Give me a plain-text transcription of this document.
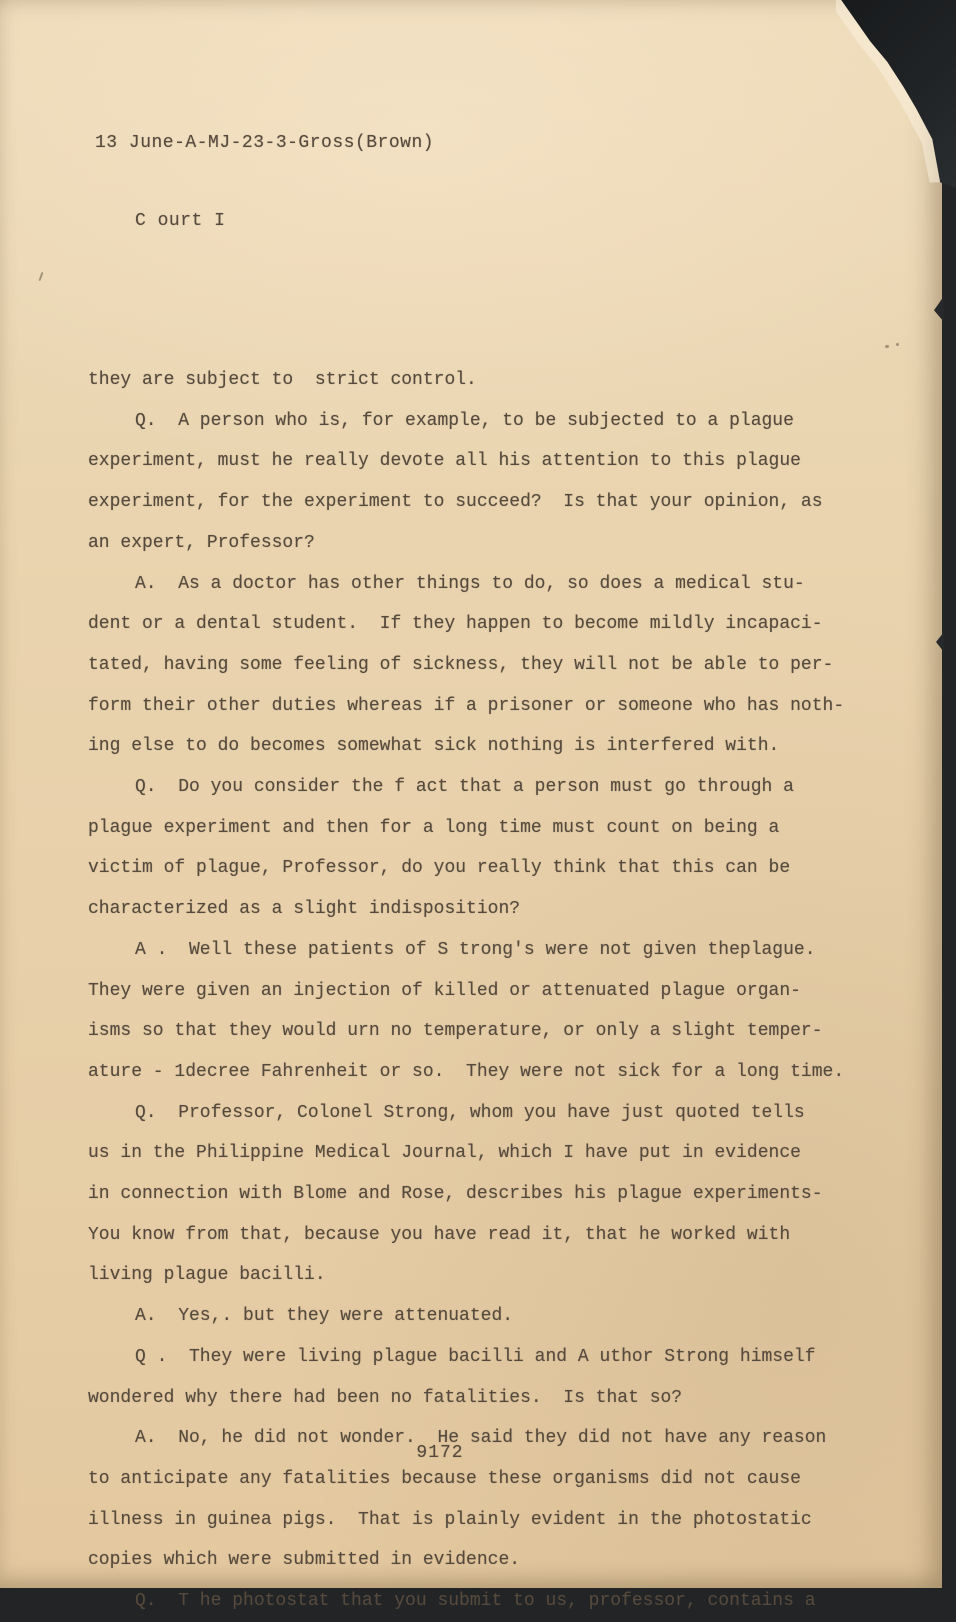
13 June-A-MJ-23-3-Gross(Brown)

C ourt I

they are subject to  strict control.
Q.  A person who is, for example, to be subjected to a plague
experiment, must he really devote all his attention to this plague
experiment, for the experiment to succeed?  Is that your opinion, as
an expert, Professor?
A.  As a doctor has other things to do, so does a medical stu-
dent or a dental student.  If they happen to become mildly incapaci-
tated, having some feeling of sickness, they will not be able to per-
form their other duties whereas if a prisoner or someone who has noth-
ing else to do becomes somewhat sick nothing is interfered with.
Q.  Do you consider the f act that a person must go through a
plague experiment and then for a long time must count on being a
victim of plague, Professor, do you really think that this can be
characterized as a slight indisposition?
A .  Well these patients of S trong's were not given theplague.
They were given an injection of killed or attenuated plague organ-
isms so that they would urn no temperature, or only a slight temper-
ature - 1decree Fahrenheit or so.  They were not sick for a long time.
Q.  Professor, Colonel Strong, whom you have just quoted tells
us in the Philippine Medical Journal, which I have put in evidence
in connection with Blome and Rose, describes his plague experiments-
You know from that, because you have read it, that he worked with
living plague bacilli.
A.  Yes,. but they were attenuated.
Q .  They were living plague bacilli and A uthor Strong himself
wondered why there had been no fatalities.  Is that so?
A.  No, he did not wonder.  He said they did not have any reason
to anticipate any fatalities because these organisms did not cause
illness in guinea pigs.  That is plainly evident in the photostatic
copies which were submitted in evidence.
Q.  T he photostat that you submit to us, professor, contains a
9172
